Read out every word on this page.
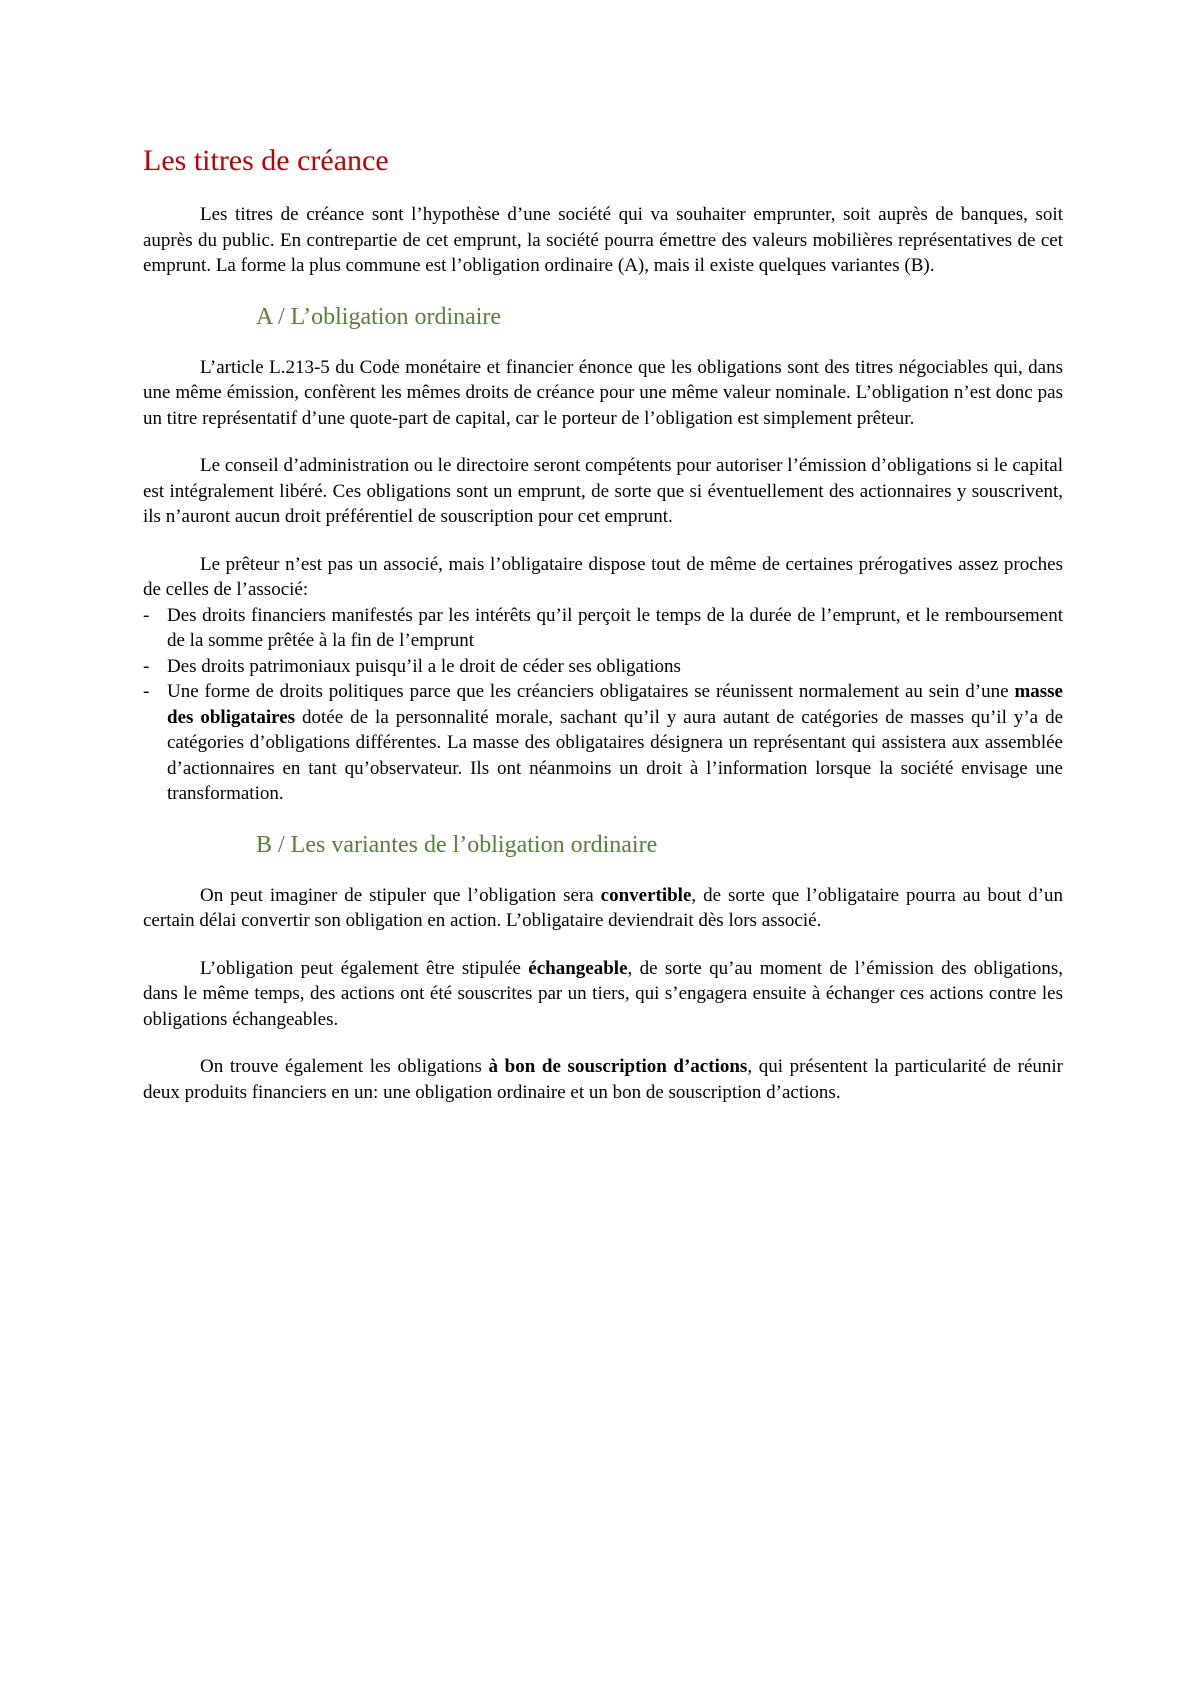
Les titres de créance

Les titres de créance sont l’hypothèse d’une société qui va souhaiter emprunter, soit auprès de banques, soit auprès du public. En contrepartie de cet emprunt, la société pourra émettre des valeurs mobilières représentatives de cet emprunt. La forme la plus commune est l’obligation ordinaire (A), mais il existe quelques variantes (B).

A / L’obligation ordinaire

L’article L.213-5 du Code monétaire et financier énonce que les obligations sont des titres négociables qui, dans une même émission, confèrent les mêmes droits de créance pour une même valeur nominale. L’obligation n’est donc pas un titre représentatif d’une quote-part de capital, car le porteur de l’obligation est simplement prêteur.

Le conseil d’administration ou le directoire seront compétents pour autoriser l’émission d’obligations si le capital est intégralement libéré. Ces obligations sont un emprunt, de sorte que si éventuellement des actionnaires y souscrivent, ils n’auront aucun droit préférentiel de souscription pour cet emprunt.

Le prêteur n’est pas un associé, mais l’obligataire dispose tout de même de certaines prérogatives assez proches de celles de l’associé:

- Des droits financiers manifestés par les intérêts qu’il perçoit le temps de la durée de l’emprunt, et le remboursement de la somme prêtée à la fin de l’emprunt
- Des droits patrimoniaux puisqu’il a le droit de céder ses obligations
- Une forme de droits politiques parce que les créanciers obligataires se réunissent normalement au sein d’une masse des obligataires dotée de la personnalité morale, sachant qu’il y aura autant de catégories de masses qu’il y’a de catégories d’obligations différentes. La masse des obligataires désignera un représentant qui assistera aux assemblée d’actionnaires en tant qu’observateur. Ils ont néanmoins un droit à l’information lorsque la société envisage une transformation.
B / Les variantes de l’obligation ordinaire

On peut imaginer de stipuler que l’obligation sera convertible, de sorte que l’obligataire pourra au bout d’un certain délai convertir son obligation en action. L’obligataire deviendrait dès lors associé.

L’obligation peut également être stipulée échangeable, de sorte qu’au moment de l’émission des obligations, dans le même temps, des actions ont été souscrites par un tiers, qui s’engagera ensuite à échanger ces actions contre les obligations échangeables.

On trouve également les obligations à bon de souscription d’actions, qui présentent la particularité de réunir deux produits financiers en un: une obligation ordinaire et un bon de souscription d’actions.
